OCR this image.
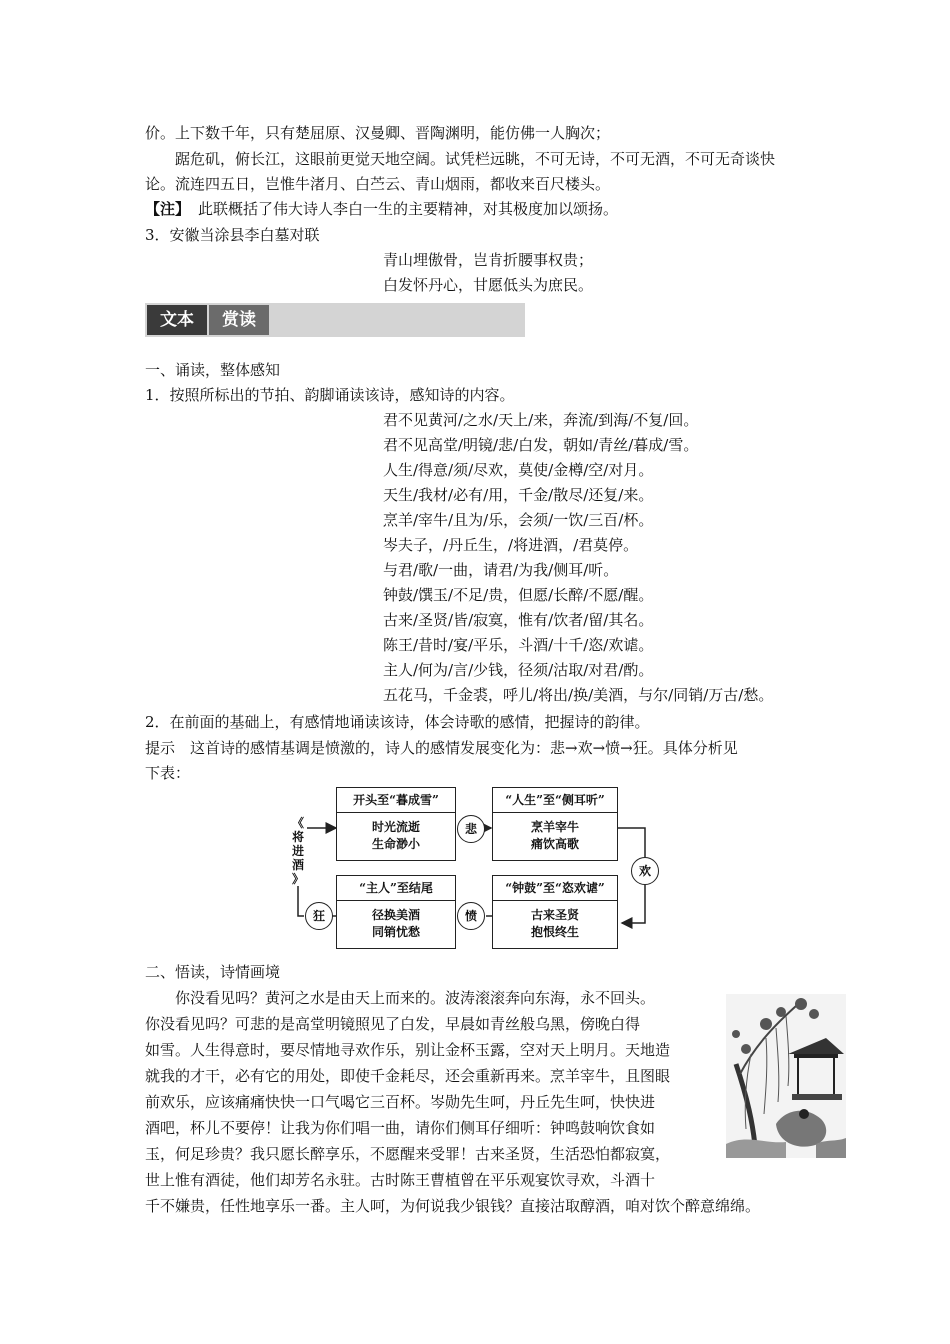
价。上下数千年，只有楚屈原、汉曼卿、晋陶渊明，能仿佛一人胸次；
踞危矶，俯长江，这眼前更觉天地空阔。试凭栏远眺，不可无诗，不可无酒，不可无奇谈快
论。流连四五日，岂惟牛渚月、白苎云、青山烟雨，都收来百尺楼头。
【注】 此联概括了伟大诗人李白一生的主要精神，对其极度加以颂扬。
3．安徽当涂县李白墓对联
青山埋傲骨，岂肯折腰事权贵；
白发怀丹心，甘愿低头为庶民。
文本	赏读
一、诵读，整体感知
1．按照所标出的节拍、韵脚诵读该诗，感知诗的内容。
君不见黄河/之水/天上/来，奔流/到海/不复/回。
君不见高堂/明镜/悲/白发，朝如/青丝/暮成/雪。
人生/得意/须/尽欢，莫使/金樽/空/对月。
天生/我材/必有/用，千金/散尽/还复/来。
烹羊/宰牛/且为/乐，会须/一饮/三百/杯。
岑夫子，/丹丘生，/将进酒，/君莫停。
与君/歌/一曲，请君/为我/侧耳/听。
钟鼓/馔玉/不足/贵，但愿/长醉/不愿/醒。
古来/圣贤/皆/寂寞，惟有/饮者/留/其名。
陈王/昔时/宴/平乐，斗酒/十千/恣/欢谑。
主人/何为/言/少钱，径须/沽取/对君/酌。
五花马，千金裘，呼儿/将出/换/美酒，与尔/同销/万古/愁。
2．在前面的基础上，有感情地诵读该诗，体会诗歌的感情，把握诗的韵律。
提示　这首诗的感情基调是愤激的，诗人的感情发展变化为：悲→欢→愤→狂。具体分析见
下表：
《
将
进
酒
》
开头至“暮成雪”
时光流逝
生命渺小
“人生”至“侧耳听”
烹羊宰牛
痛饮高歌
“主人”至结尾
径换美酒
同销忧愁
“钟鼓”至“恣欢谑”
古来圣贤
抱恨终生
悲
欢
愤
狂
二、悟读，诗情画境
　　你没看见吗？黄河之水是由天上而来的。波涛滚滚奔向东海，永不回头。
你没看见吗？可悲的是高堂明镜照见了白发，早晨如青丝般乌黑，傍晚白得
如雪。人生得意时，要尽情地寻欢作乐，别让金杯玉露，空对天上明月。天地造
就我的才干，必有它的用处，即使千金耗尽，还会重新再来。烹羊宰牛，且图眼
前欢乐，应该痛痛快快一口气喝它三百杯。岑勋先生呵，丹丘先生呵，快快进
酒吧，杯儿不要停！让我为你们唱一曲，请你们侧耳仔细听：钟鸣鼓响饮食如
玉，何足珍贵？我只愿长醉享乐，不愿醒来受罪！古来圣贤，生活恐怕都寂寞，
世上惟有酒徒，他们却芳名永驻。古时陈王曹植曾在平乐观宴饮寻欢，斗酒十
千不嫌贵，任性地享乐一番。主人呵，为何说我少银钱？直接沽取醇酒，咱对饮个醉意绵绵。
